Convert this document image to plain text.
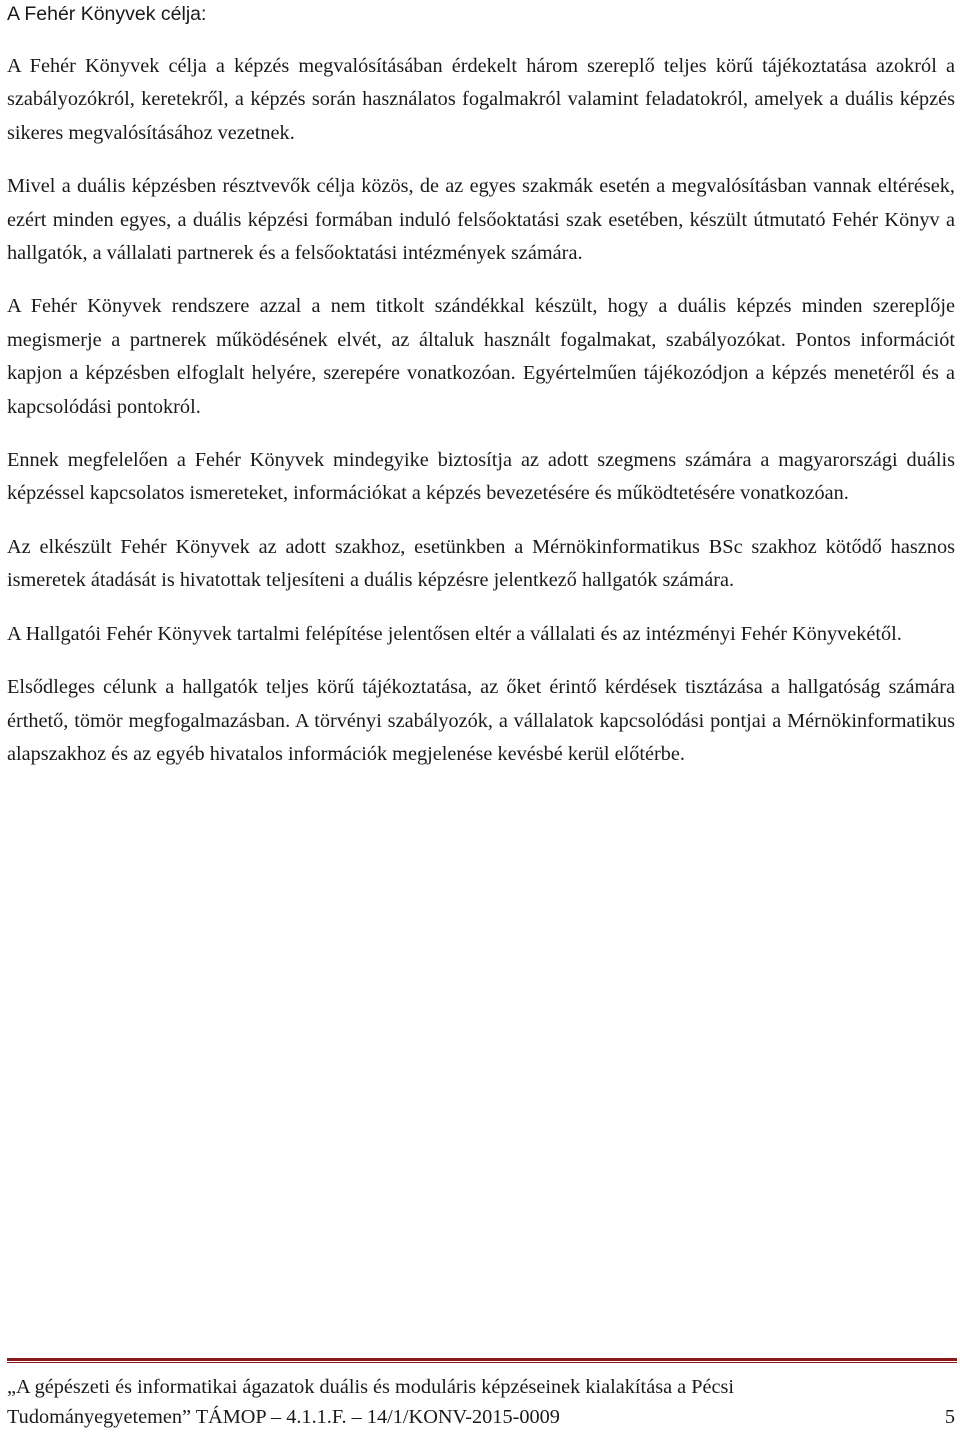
A Fehér Könyvek célja:

A Fehér Könyvek célja a képzés megvalósításában érdekelt három szereplő teljes körű tájékoztatása azokról a szabályozókról, keretekről, a képzés során használatos fogalmakról valamint feladatokról, amelyek a duális képzés sikeres megvalósításához vezetnek.

Mivel a duális képzésben résztvevők célja közös, de az egyes szakmák esetén a megvalósításban vannak eltérések, ezért minden egyes, a duális képzési formában induló felsőoktatási szak esetében, készült útmutató Fehér Könyv a hallgatók, a vállalati partnerek és a felsőoktatási intézmények számára.

A Fehér Könyvek rendszere azzal a nem titkolt szándékkal készült, hogy a duális képzés minden szereplője megismerje a partnerek működésének elvét, az általuk használt fogalmakat, szabályozókat. Pontos információt kapjon a képzésben elfoglalt helyére, szerepére vonatkozóan. Egyértelműen tájékozódjon a képzés menetéről és a kapcsolódási pontokról.

Ennek megfelelően a Fehér Könyvek mindegyike biztosítja az adott szegmens számára a magyarországi duális képzéssel kapcsolatos ismereteket, információkat a képzés bevezetésére és működtetésére vonatkozóan.

Az elkészült Fehér Könyvek az adott szakhoz, esetünkben a Mérnökinformatikus BSc szakhoz kötődő hasznos ismeretek átadását is hivatottak teljesíteni a duális képzésre jelentkező hallgatók számára.

A Hallgatói Fehér Könyvek tartalmi felépítése jelentősen eltér a vállalati és az intézményi Fehér Könyvekétől.

Elsődleges célunk a hallgatók teljes körű tájékoztatása, az őket érintő kérdések tisztázása a hallgatóság számára érthető, tömör megfogalmazásban. A törvényi szabályozók, a vállalatok kapcsolódási pontjai a Mérnökinformatikus alapszakhoz és az egyéb hivatalos információk megjelenése kevésbé kerül előtérbe.

„A gépészeti és informatikai ágazatok duális és moduláris képzéseinek kialakítása a Pécsi
Tudományegyetemen” TÁMOP – 4.1.1.F. – 14/1/KONV-2015-0009	5
